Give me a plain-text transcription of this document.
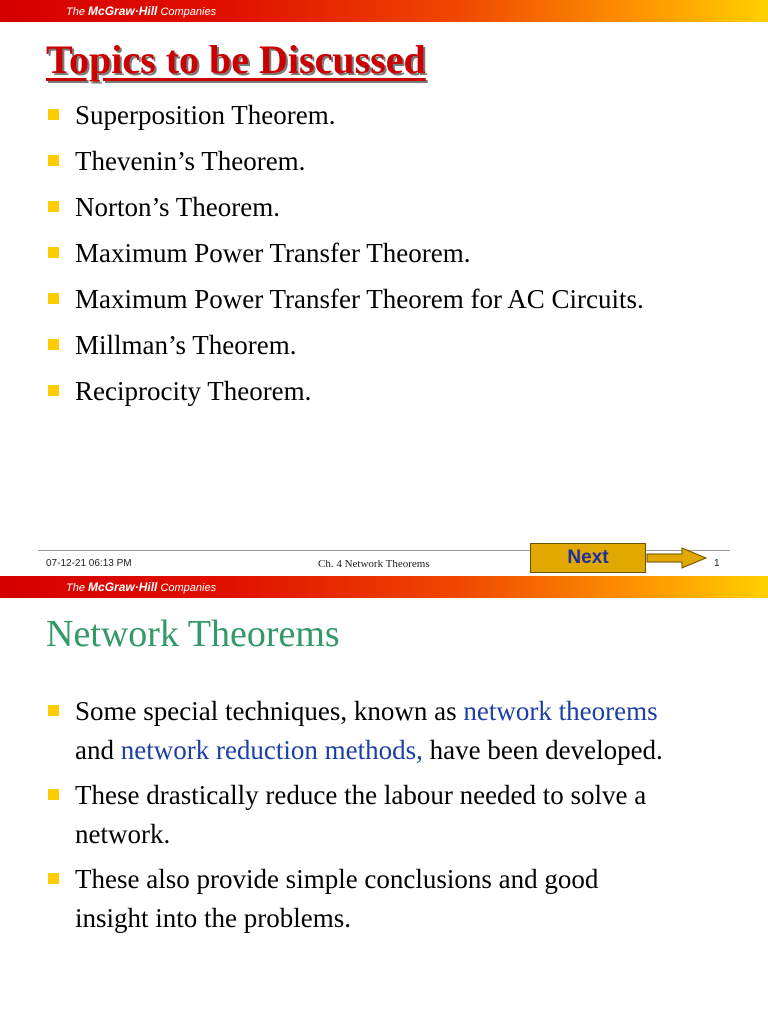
The McGraw·Hill Companies
Topics to be Discussed
Superposition Theorem.
Thevenin’s Theorem.
Norton’s Theorem.
Maximum Power Transfer Theorem.
Maximum Power Transfer Theorem for AC Circuits.
Millman’s Theorem.
Reciprocity Theorem.
07-12-21 06:13 PM	Ch. 4 Network Theorems	Next	1
The McGraw·Hill Companies
Network Theorems
Some special techniques, known as network theorems and network reduction methods, have been developed.
These drastically reduce the labour needed to solve a network.
These also provide simple conclusions and good insight into the problems.
